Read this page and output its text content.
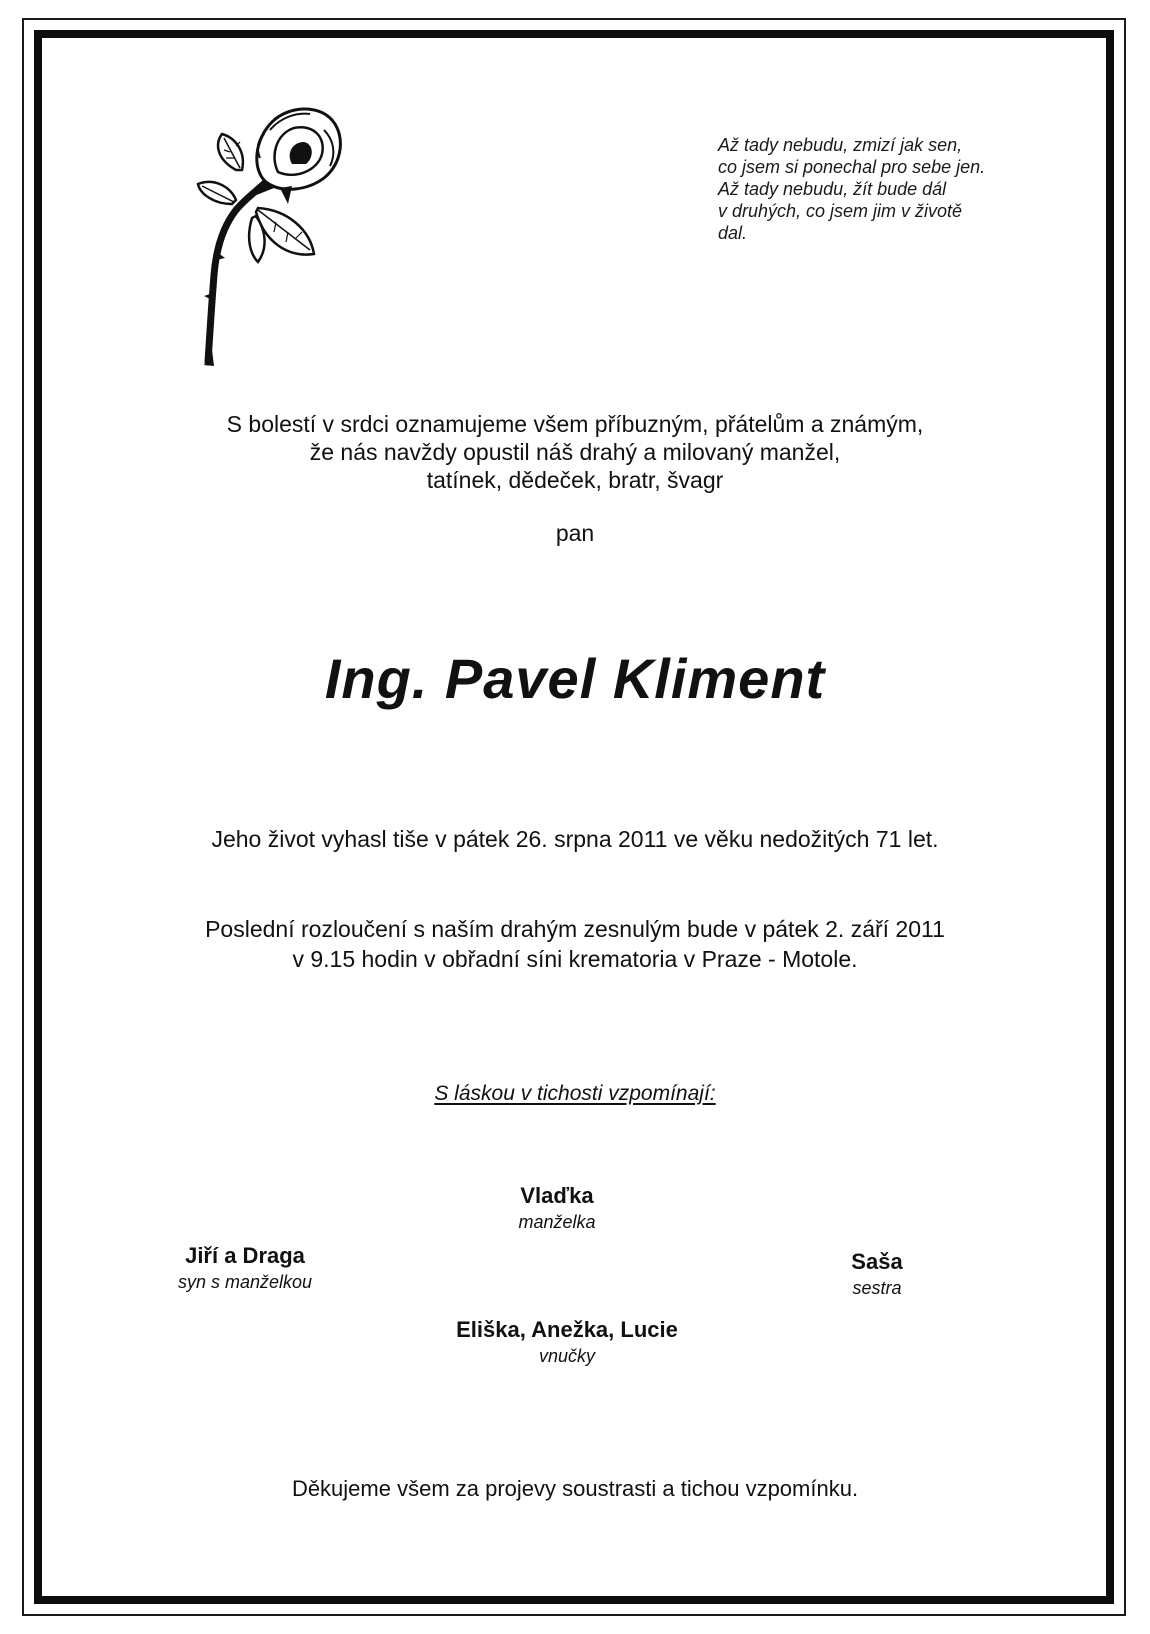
Až tady nebudu, zmizí jak sen,
co jsem si ponechal pro sebe jen.
Až tady nebudu, žít bude dál
v druhých, co jsem jim v životě
dal.
S bolestí v srdci oznamujeme všem příbuzným, přátelům a známým,
že nás navždy opustil náš drahý a milovaný manžel,
tatínek, dědeček, bratr, švagr
pan
Ing. Pavel Kliment
Jeho život vyhasl tiše v pátek 26. srpna 2011 ve věku nedožitých 71 let.
Poslední rozloučení s naším drahým zesnulým bude v pátek 2. září 2011
v 9.15 hodin v obřadní síni krematoria v Praze - Motole.
S láskou v tichosti vzpomínají:
Vlaďka
manželka
Jiří a Draga
syn s manželkou
Saša
sestra
Eliška, Anežka, Lucie
vnučky
Děkujeme všem za projevy soustrasti a tichou vzpomínku.
